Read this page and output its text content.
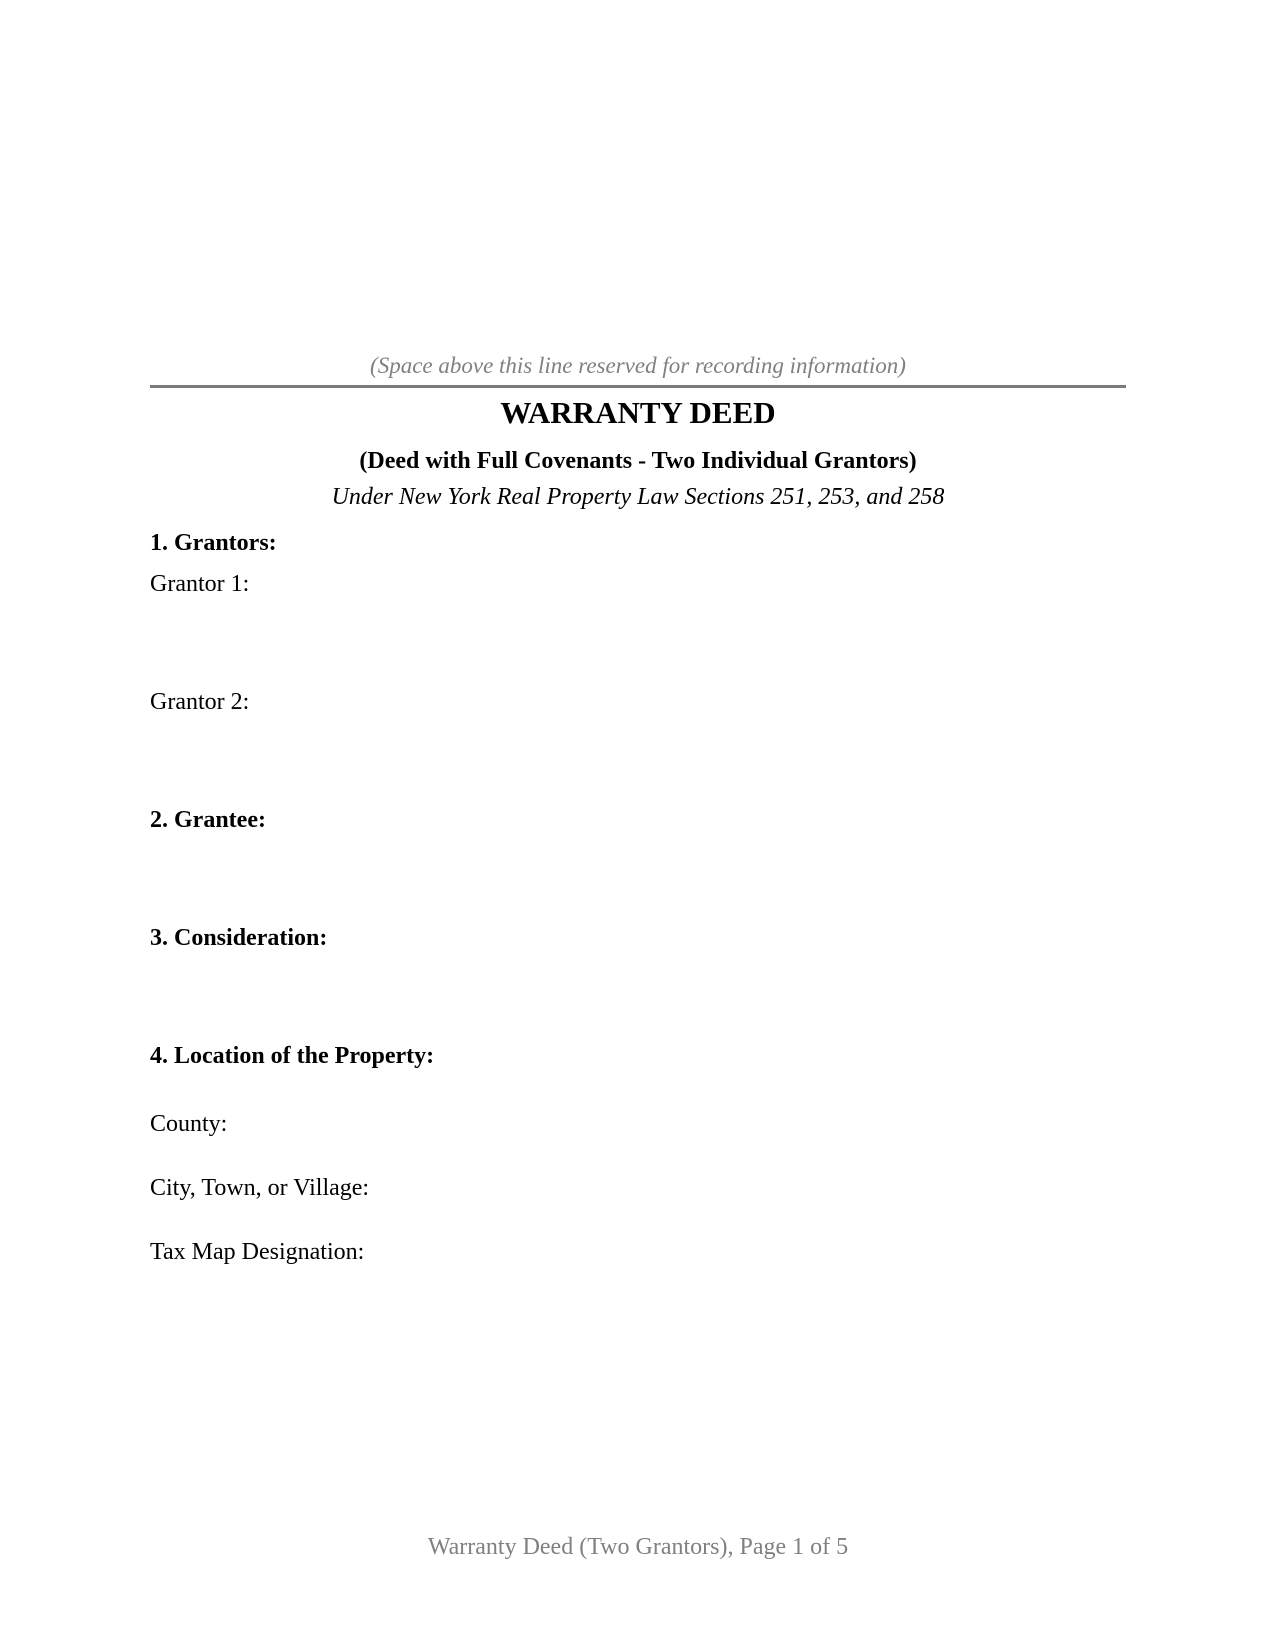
(Space above this line reserved for recording information)
WARRANTY DEED
(Deed with Full Covenants - Two Individual Grantors)
Under New York Real Property Law Sections 251, 253, and 258
1. Grantors:
Grantor 1:
Grantor 2:
2. Grantee:
3. Consideration:
4. Location of the Property:
County:
City, Town, or Village:
Tax Map Designation:
Warranty Deed (Two Grantors), Page 1 of 5
